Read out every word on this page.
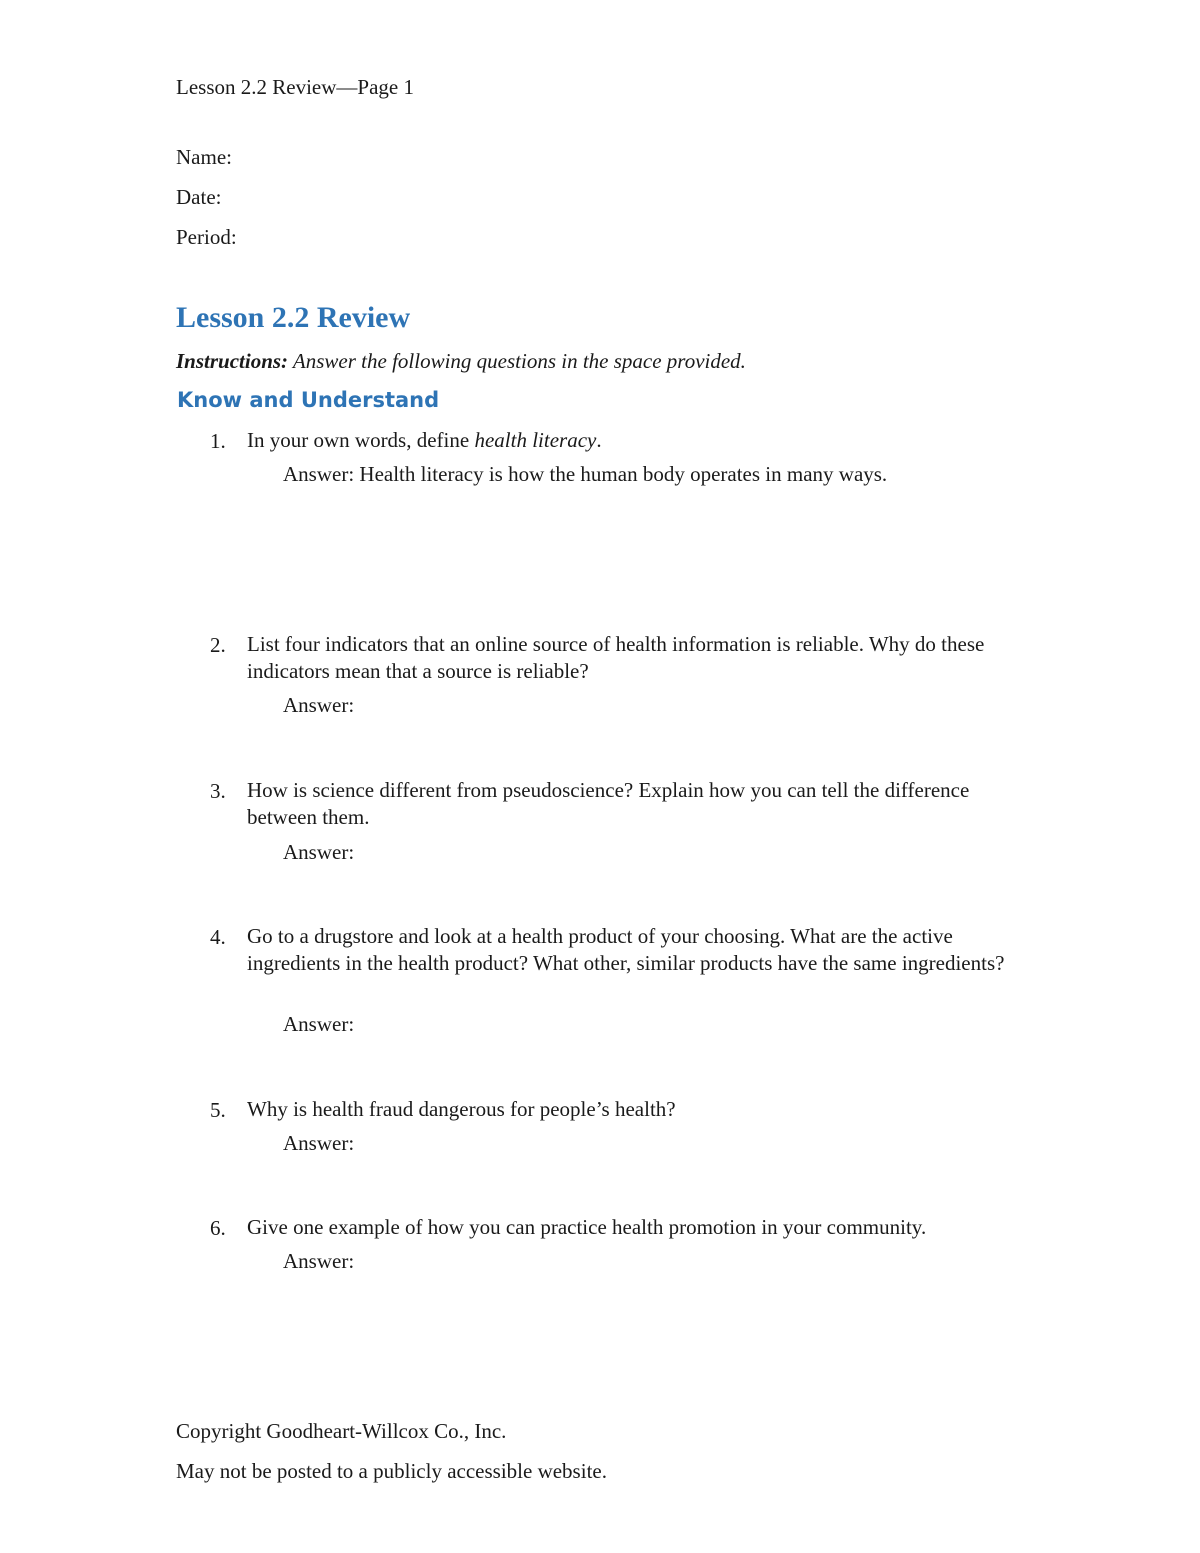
Lesson 2.2 Review—Page 1
Name:
Date:
Period:
Lesson 2.2 Review
Instructions: Answer the following questions in the space provided.
Know and Understand
1. In your own words, define health literacy.
Answer: Health literacy is how the human body operates in many ways.
2. List four indicators that an online source of health information is reliable. Why do these indicators mean that a source is reliable?
Answer:
3. How is science different from pseudoscience? Explain how you can tell the difference between them.
Answer:
4. Go to a drugstore and look at a health product of your choosing. What are the active ingredients in the health product? What other, similar products have the same ingredients?
Answer:
5. Why is health fraud dangerous for people’s health?
Answer:
6. Give one example of how you can practice health promotion in your community.
Answer:
Copyright Goodheart-Willcox Co., Inc.
May not be posted to a publicly accessible website.
